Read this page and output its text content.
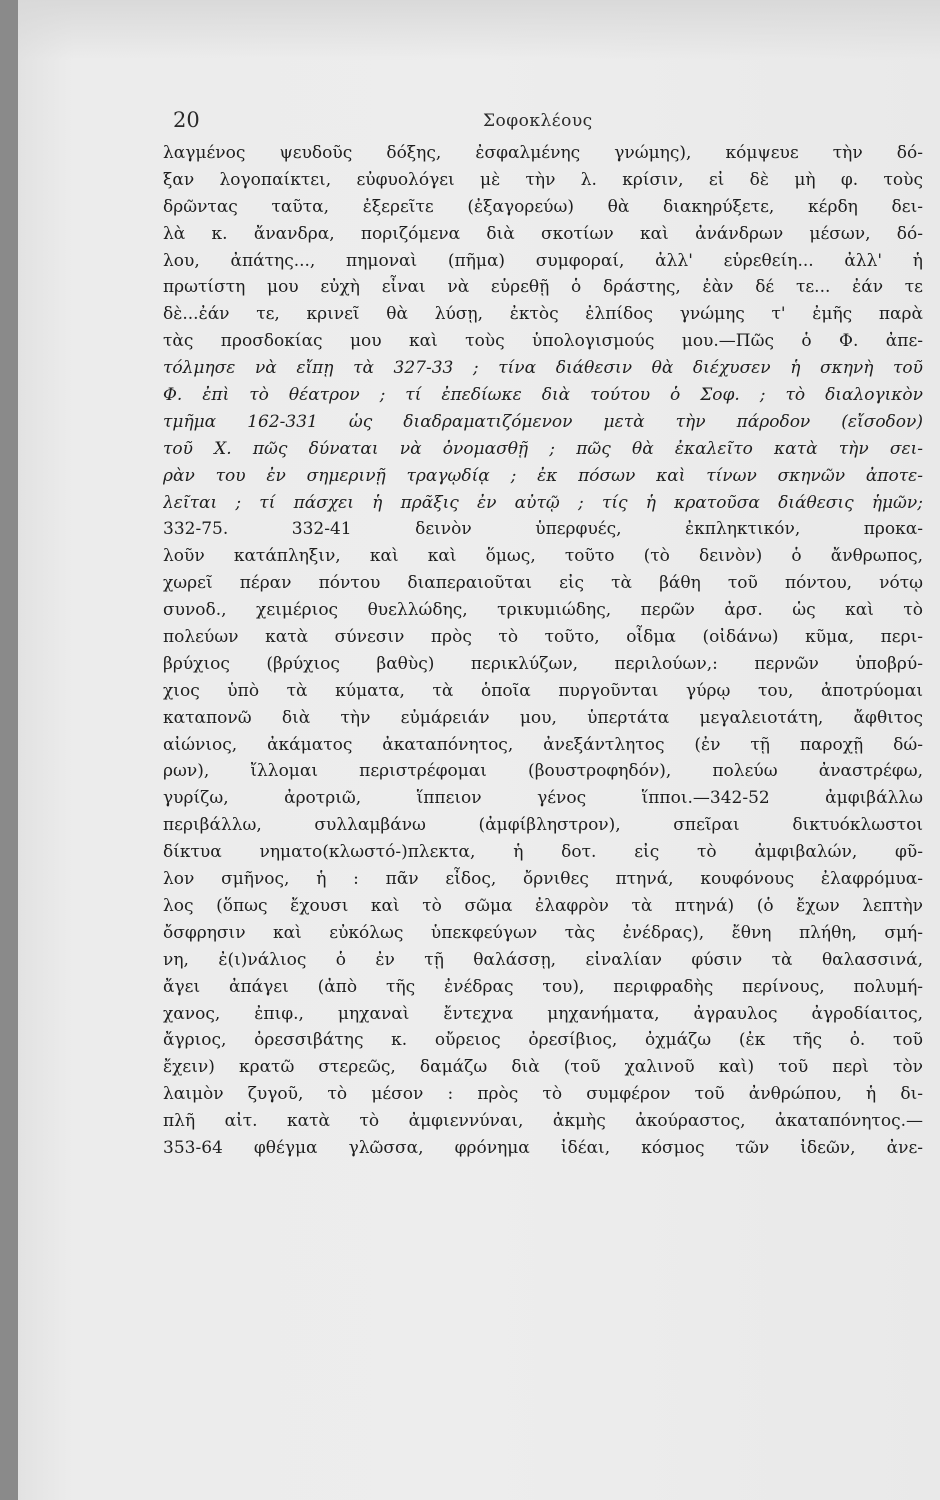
20	Σοφοκλέους
λαγμένος ψευδοῦς δόξης, ἐσφαλμένης γνώμης), κόμψευε τὴν δό-
ξαν λογοπαίκτει, εὐφυολόγει μὲ τὴν λ. κρίσιν, εἰ δὲ μὴ φ. τοὺς
δρῶντας ταῦτα, ἐξερεῖτε (ἐξαγορεύω) θὰ διακηρύξετε, κέρδη δει-
λὰ κ. ἄνανδρα, ποριζόμενα διὰ σκοτίων καὶ ἀνάνδρων μέσων, δό-
λου, ἀπάτης..., πημοναὶ (πῆμα) συμφοραί, ἀλλ' εὑρεθείη... ἀλλ' ἡ
πρωτίστη μου εὐχὴ εἶναι νὰ εὑρεθῇ ὁ δράστης, ἐὰν δέ τε... ἐάν τε
δὲ...ἐάν τε, κρινεῖ θὰ λύσῃ, ἐκτὸς ἐλπίδος γνώμης τ' ἐμῆς παρὰ
τὰς προσδοκίας μου καὶ τοὺς ὑπολογισμούς μου.—Πῶς ὁ Φ. ἀπε-
τόλμησε νὰ εἴπῃ τὰ 327-33 ; τίνα διάθεσιν θὰ διέχυσεν ἡ σκηνὴ τοῦ
Φ. ἐπὶ τὸ θέατρον ; τί ἐπεδίωκε διὰ τούτου ὁ Σοφ. ; τὸ διαλογικὸν
τμῆμα 162-331 ὡς διαδραματιζόμενον μετὰ τὴν πάροδον (εἴσοδον)
τοῦ Χ. πῶς δύναται νὰ ὀνομασθῇ ; πῶς θὰ ἐκαλεῖτο κατὰ τὴν σει-
ρὰν του ἐν σημερινῇ τραγῳδίᾳ ; ἐκ πόσων καὶ τίνων σκηνῶν ἀποτε-
λεῖται ; τί πάσχει ἡ πρᾶξις ἐν αὐτῷ ; τίς ἡ κρατοῦσα διάθεσις ἡμῶν;
332-75. 332-41 δεινὸν ὑπερφυές, ἐκπληκτικόν, προκα-
λοῦν κατάπληξιν, καὶ καὶ ὅμως, τοῦτο (τὸ δεινὸν) ὁ ἄνθρωπος,
χωρεῖ πέραν πόντου διαπεραιοῦται εἰς τὰ βάθη τοῦ πόντου, νότῳ
συνοδ., χειμέριος θυελλώδης, τρικυμιώδης, περῶν ἀρσ. ὡς καὶ τὸ
πολεύων κατὰ σύνεσιν πρὸς τὸ τοῦτο, οἶδμα (οἰδάνω) κῦμα, περι-
βρύχιος (βρύχιος βαθὺς) περικλύζων, περιλούων,: περνῶν ὑποβρύ-
χιος ὑπὸ τὰ κύματα, τὰ ὁποῖα πυργοῦνται γύρῳ του, ἀποτρύομαι
καταπονῶ διὰ τὴν εὐμάρειάν μου, ὑπερτάτα μεγαλειοτάτη, ἄφθιτος
αἰώνιος, ἀκάματος ἀκαταπόνητος, ἀνεξάντλητος (ἐν τῇ παροχῇ δώ-
ρων), ἴλλομαι περιστρέφομαι (βουστροφηδόν), πολεύω ἀναστρέφω,
γυρίζω, ἀροτριῶ, ἵππειον γένος ἵπποι.—342-52 ἀμφιβάλλω
περιβάλλω, συλλαμβάνω (ἀμφίβληστρον), σπεῖραι δικτυόκλωστοι
δίκτυα νηματο(κλωστό-)πλεκτα, ἡ δοτ. εἰς τὸ ἀμφιβαλών, φῦ-
λον σμῆνος, ἡ : πᾶν εἶδος, ὄρνιθες πτηνά, κουφόνους ἐλαφρόμυα-
λος (ὅπως ἔχουσι καὶ τὸ σῶμα ἐλαφρὸν τὰ πτηνά) (ὁ ἔχων λεπτὴν
ὄσφρησιν καὶ εὐκόλως ὑπεκφεύγων τὰς ἐνέδρας), ἔθνη πλήθη, σμή-
νη, ἐ(ι)νάλιος ὁ ἐν τῇ θαλάσσῃ, εἰναλίαν φύσιν τὰ θαλασσινά,
ἄγει ἀπάγει (ἀπὸ τῆς ἐνέδρας του), περιφραδὴς περίνους, πολυμή-
χανος, ἐπιφ., μηχαναὶ ἔντεχνα μηχανήματα, ἀγραυλος ἀγροδίαιτος,
ἄγριος, ὀρεσσιβάτης κ. οὔρειος ὀρεσίβιος, ὀχμάζω (ἐκ τῆς ὀ. τοῦ
ἔχειν) κρατῶ στερεῶς, δαμάζω διὰ (τοῦ χαλινοῦ καὶ) τοῦ περὶ τὸν
λαιμὸν ζυγοῦ, τὸ μέσον : πρὸς τὸ συμφέρον τοῦ ἀνθρώπου, ἡ δι-
πλῆ αἰτ. κατὰ τὸ ἀμφιεννύναι, ἀκμὴς ἀκούραστος, ἀκαταπόνητος.—
353-64 φθέγμα γλῶσσα, φρόνημα ἰδέαι, κόσμος τῶν ἰδεῶν, ἀνε-
